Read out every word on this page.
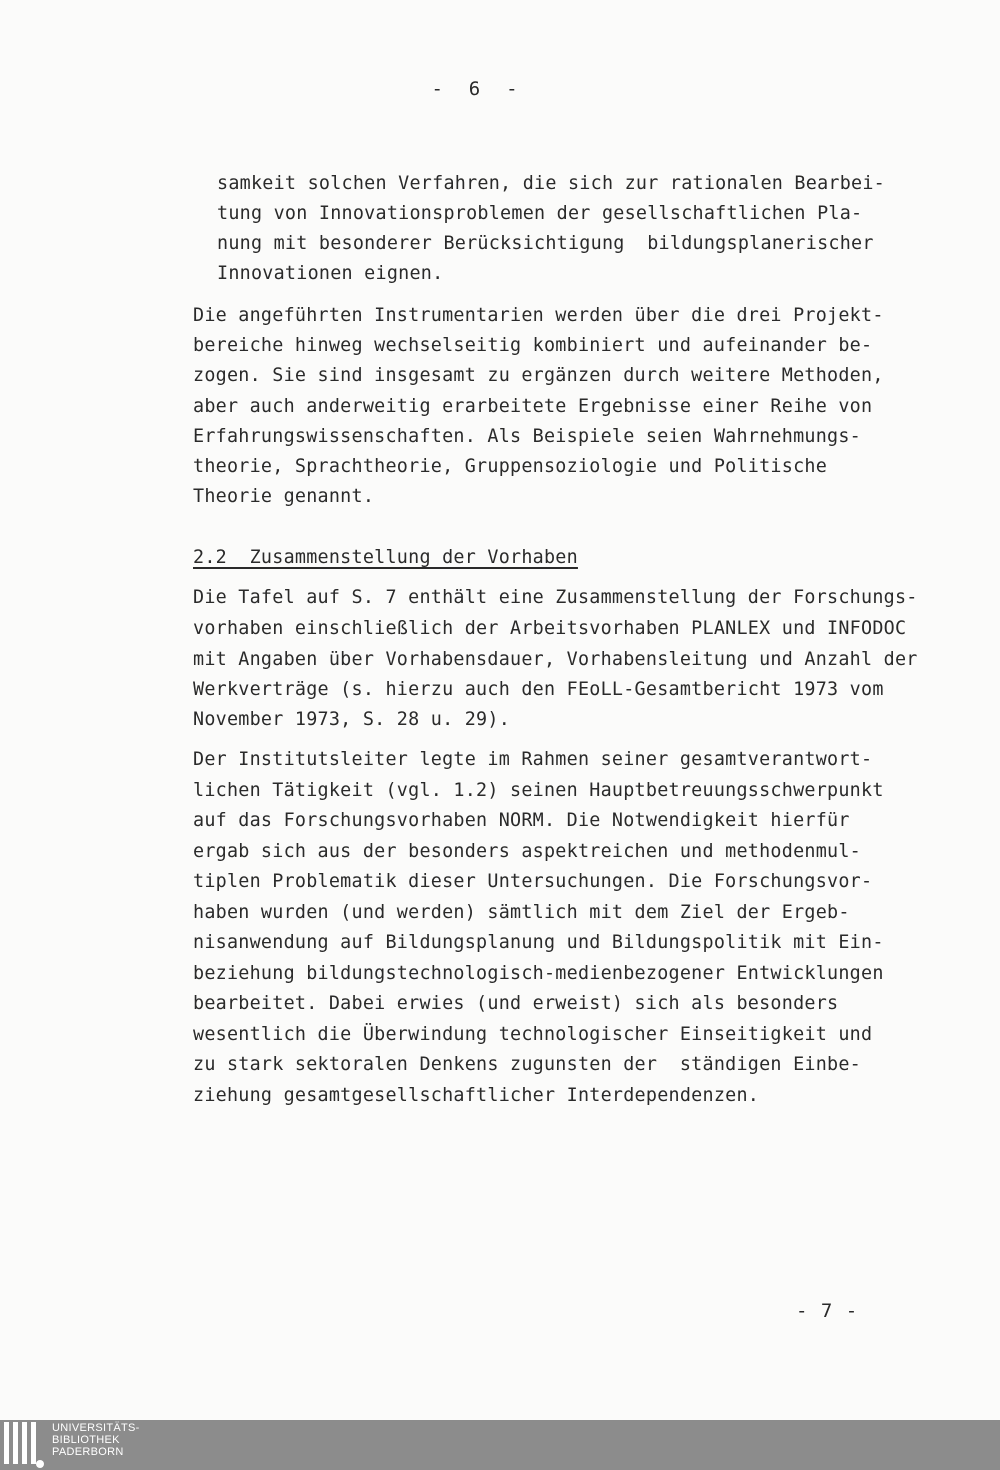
-  6  -
samkeit solchen Verfahren, die sich zur rationalen Bearbei-
tung von Innovationsproblemen der gesellschaftlichen Pla-
nung mit besonderer Berücksichtigung  bildungsplanerischer
Innovationen eignen.
Die angeführten Instrumentarien werden über die drei Projekt-
bereiche hinweg wechselseitig kombiniert und aufeinander be-
zogen. Sie sind insgesamt zu ergänzen durch weitere Methoden,
aber auch anderweitig erarbeitete Ergebnisse einer Reihe von
Erfahrungswissenschaften. Als Beispiele seien Wahrnehmungs-
theorie, Sprachtheorie, Gruppensoziologie und Politische
Theorie genannt.
2.2  Zusammenstellung der Vorhaben
Die Tafel auf S. 7 enthält eine Zusammenstellung der Forschungs-
vorhaben einschließlich der Arbeitsvorhaben PLANLEX und INFODOC
mit Angaben über Vorhabensdauer, Vorhabensleitung und Anzahl der
Werkverträge (s. hierzu auch den FEoLL-Gesamtbericht 1973 vom
November 1973, S. 28 u. 29).
Der Institutsleiter legte im Rahmen seiner gesamtverantwort-
lichen Tätigkeit (vgl. 1.2) seinen Hauptbetreuungsschwerpunkt
auf das Forschungsvorhaben NORM. Die Notwendigkeit hierfür
ergab sich aus der besonders aspektreichen und methodenmul-
tiplen Problematik dieser Untersuchungen. Die Forschungsvor-
haben wurden (und werden) sämtlich mit dem Ziel der Ergeb-
nisanwendung auf Bildungsplanung und Bildungspolitik mit Ein-
beziehung bildungstechnologisch-medienbezogener Entwicklungen
bearbeitet. Dabei erwies (und erweist) sich als besonders
wesentlich die Überwindung technologischer Einseitigkeit und
zu stark sektoralen Denkens zugunsten der  ständigen Einbe-
ziehung gesamtgesellschaftlicher Interdependenzen.
- 7 -
UNIVERSITÄTS-
BIBLIOTHEK
PADERBORN
